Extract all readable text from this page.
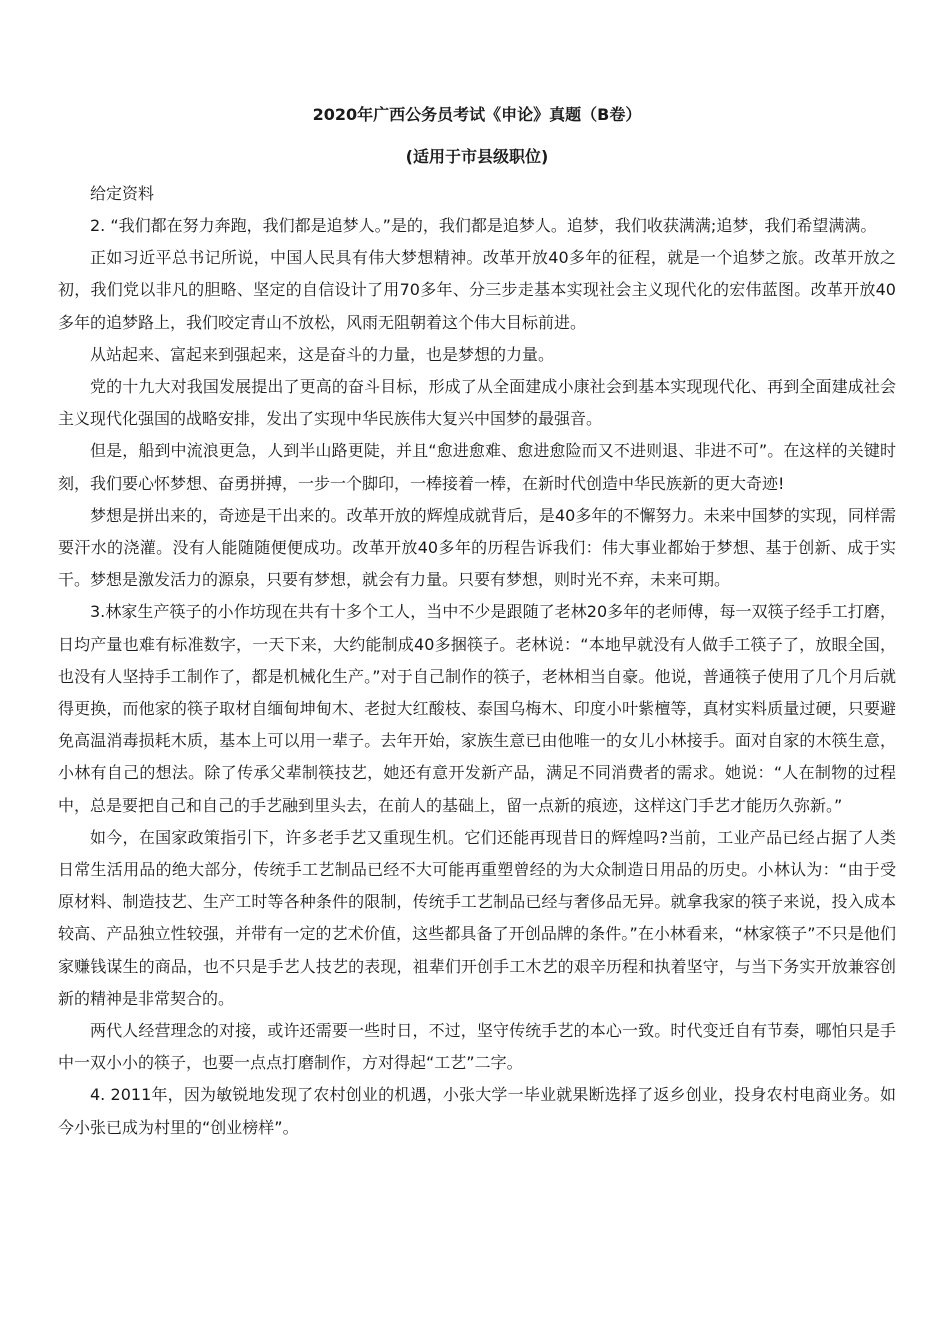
2020年广西公务员考试《申论》真题（B卷）

(适用于市县级职位)

给定资料

2. “我们都在努力奔跑，我们都是追梦人。”是的，我们都是追梦人。追梦，我们收获满满;追梦，我们希望满满。

正如习近平总书记所说，中国人民具有伟大梦想精神。改革开放40多年的征程，就是一个追梦之旅。改革开放之初，我们党以非凡的胆略、坚定的自信设计了用70多年、分三步走基本实现社会主义现代化的宏伟蓝图。改革开放40多年的追梦路上，我们咬定青山不放松，风雨无阻朝着这个伟大目标前进。

从站起来、富起来到强起来，这是奋斗的力量，也是梦想的力量。

党的十九大对我国发展提出了更高的奋斗目标，形成了从全面建成小康社会到基本实现现代化、再到全面建成社会主义现代化强国的战略安排，发出了实现中华民族伟大复兴中国梦的最强音。

但是，船到中流浪更急，人到半山路更陡，并且“愈进愈难、愈进愈险而又不进则退、非进不可”。在这样的关键时刻，我们要心怀梦想、奋勇拼搏，一步一个脚印，一棒接着一棒，在新时代创造中华民族新的更大奇迹!

梦想是拼出来的，奇迹是干出来的。改革开放的辉煌成就背后，是40多年的不懈努力。未来中国梦的实现，同样需要汗水的浇灌。没有人能随随便便成功。改革开放40多年的历程告诉我们：伟大事业都始于梦想、基于创新、成于实干。梦想是激发活力的源泉，只要有梦想，就会有力量。只要有梦想，则时光不弃，未来可期。

3.林家生产筷子的小作坊现在共有十多个工人，当中不少是跟随了老林20多年的老师傅，每一双筷子经手工打磨，日均产量也难有标准数字，一天下来，大约能制成40多捆筷子。老林说：“本地早就没有人做手工筷子了，放眼全国，也没有人坚持手工制作了，都是机械化生产。”对于自己制作的筷子，老林相当自豪。他说，普通筷子使用了几个月后就得更换，而他家的筷子取材自缅甸坤甸木、老挝大红酸枝、泰国乌梅木、印度小叶紫檀等，真材实料质量过硬，只要避免高温消毒损耗木质，基本上可以用一辈子。去年开始，家族生意已由他唯一的女儿小林接手。面对自家的木筷生意，小林有自己的想法。除了传承父辈制筷技艺，她还有意开发新产品，满足不同消费者的需求。她说：“人在制物的过程中，总是要把自己和自己的手艺融到里头去，在前人的基础上，留一点新的痕迹，这样这门手艺才能历久弥新。”

如今，在国家政策指引下，许多老手艺又重现生机。它们还能再现昔日的辉煌吗?当前，工业产品已经占据了人类日常生活用品的绝大部分，传统手工艺制品已经不大可能再重塑曾经的为大众制造日用品的历史。小林认为：“由于受原材料、制造技艺、生产工时等各种条件的限制，传统手工艺制品已经与奢侈品无异。就拿我家的筷子来说，投入成本较高、产品独立性较强，并带有一定的艺术价值，这些都具备了开创品牌的条件。”在小林看来，“林家筷子”不只是他们家赚钱谋生的商品，也不只是手艺人技艺的表现，祖辈们开创手工木艺的艰辛历程和执着坚守，与当下务实开放兼容创新的精神是非常契合的。

两代人经营理念的对接，或许还需要一些时日，不过，坚守传统手艺的本心一致。时代变迁自有节奏，哪怕只是手中一双小小的筷子，也要一点点打磨制作，方对得起“工艺”二字。

4. 2011年，因为敏锐地发现了农村创业的机遇，小张大学一毕业就果断选择了返乡创业，投身农村电商业务。如今小张已成为村里的“创业榜样”。
